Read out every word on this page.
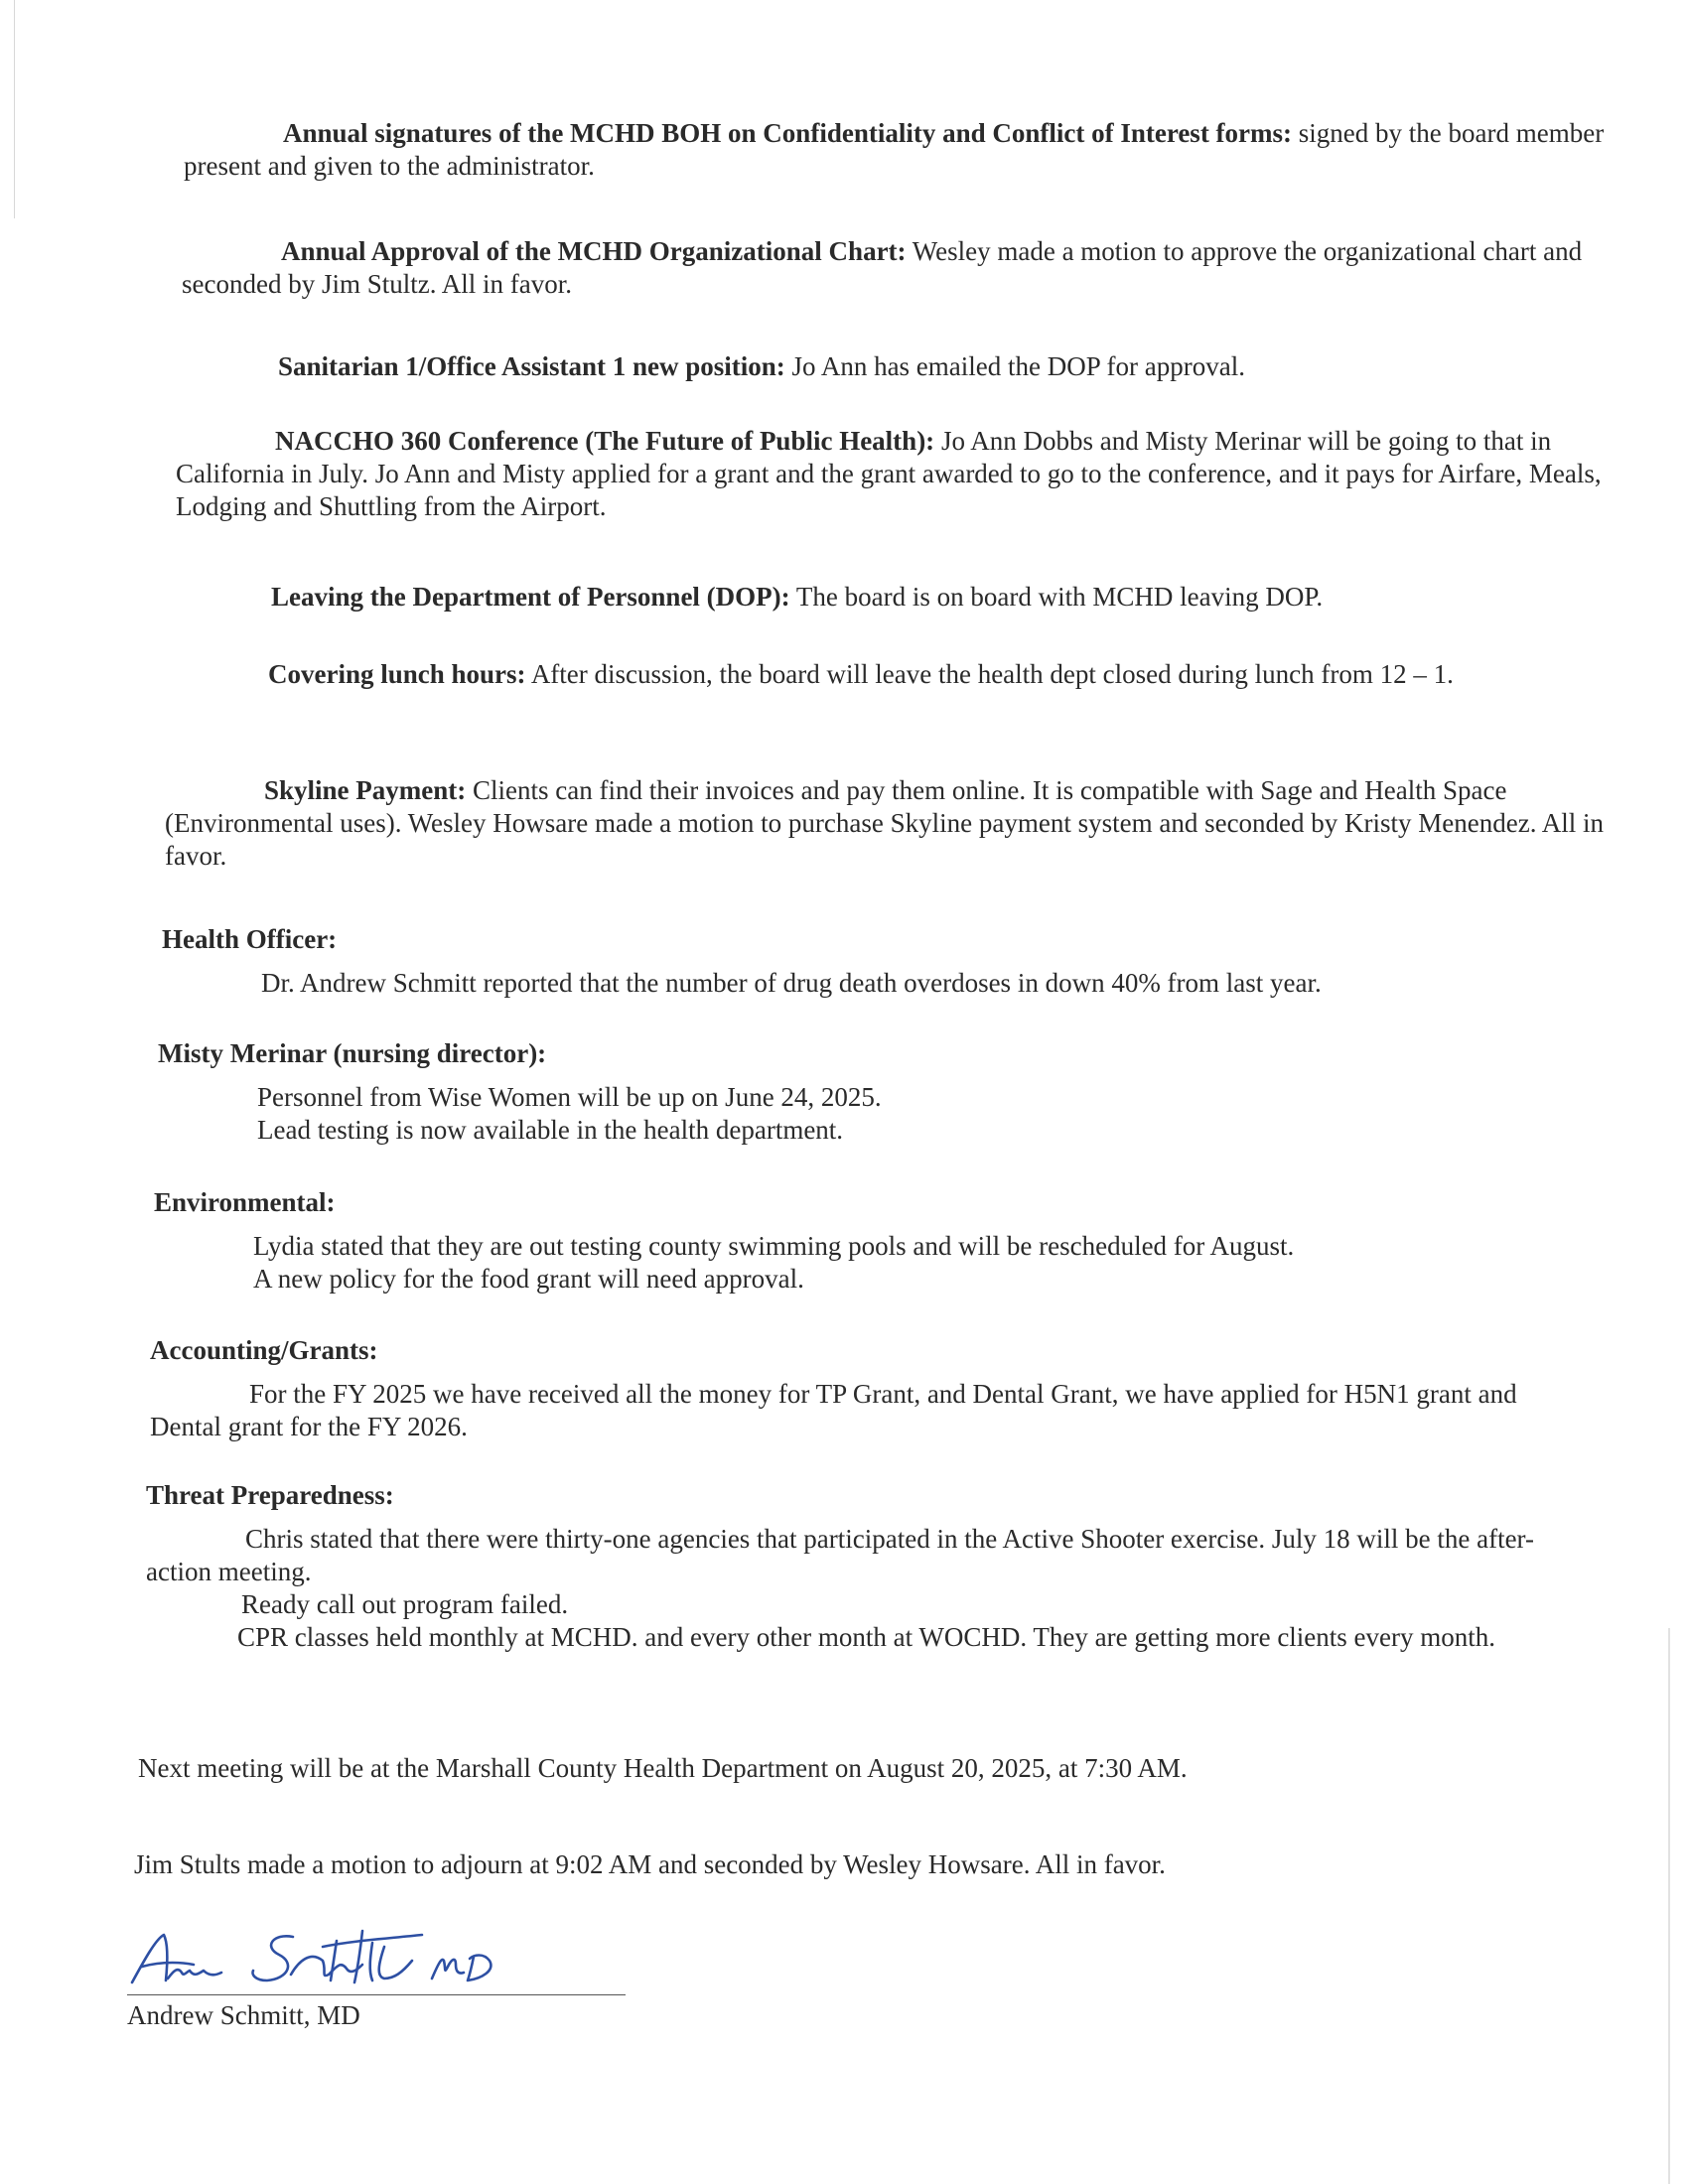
Annual signatures of the MCHD BOH on Confidentiality and Conflict of Interest forms: signed by the board member present and given to the administrator.

Annual Approval of the MCHD Organizational Chart: Wesley made a motion to approve the organizational chart and seconded by Jim Stultz. All in favor.

Sanitarian 1/Office Assistant 1 new position: Jo Ann has emailed the DOP for approval.

NACCHO 360 Conference (The Future of Public Health): Jo Ann Dobbs and Misty Merinar will be going to that in California in July. Jo Ann and Misty applied for a grant and the grant awarded to go to the conference, and it pays for Airfare, Meals, Lodging and Shuttling from the Airport.

Leaving the Department of Personnel (DOP): The board is on board with MCHD leaving DOP.

Covering lunch hours: After discussion, the board will leave the health dept closed during lunch from 12 – 1.

Skyline Payment: Clients can find their invoices and pay them online. It is compatible with Sage and Health Space (Environmental uses). Wesley Howsare made a motion to purchase Skyline payment system and seconded by Kristy Menendez. All in favor.

Health Officer:

Dr. Andrew Schmitt reported that the number of drug death overdoses in down 40% from last year.

Misty Merinar (nursing director):

Personnel from Wise Women will be up on June 24, 2025.
Lead testing is now available in the health department.

Environmental:

Lydia stated that they are out testing county swimming pools and will be rescheduled for August.
A new policy for the food grant will need approval.

Accounting/Grants:

For the FY 2025 we have received all the money for TP Grant, and Dental Grant, we have applied for H5N1 grant and Dental grant for the FY 2026.

Threat Preparedness:

Chris stated that there were thirty-one agencies that participated in the Active Shooter exercise. July 18 will be the after-action meeting.

Ready call out program failed.

CPR classes held monthly at MCHD. and every other month at WOCHD. They are getting more clients every month.

Next meeting will be at the Marshall County Health Department on August 20, 2025, at 7:30 AM.

Jim Stults made a motion to adjourn at 9:02 AM and seconded by Wesley Howsare. All in favor.

Andrew Schmitt, MD
